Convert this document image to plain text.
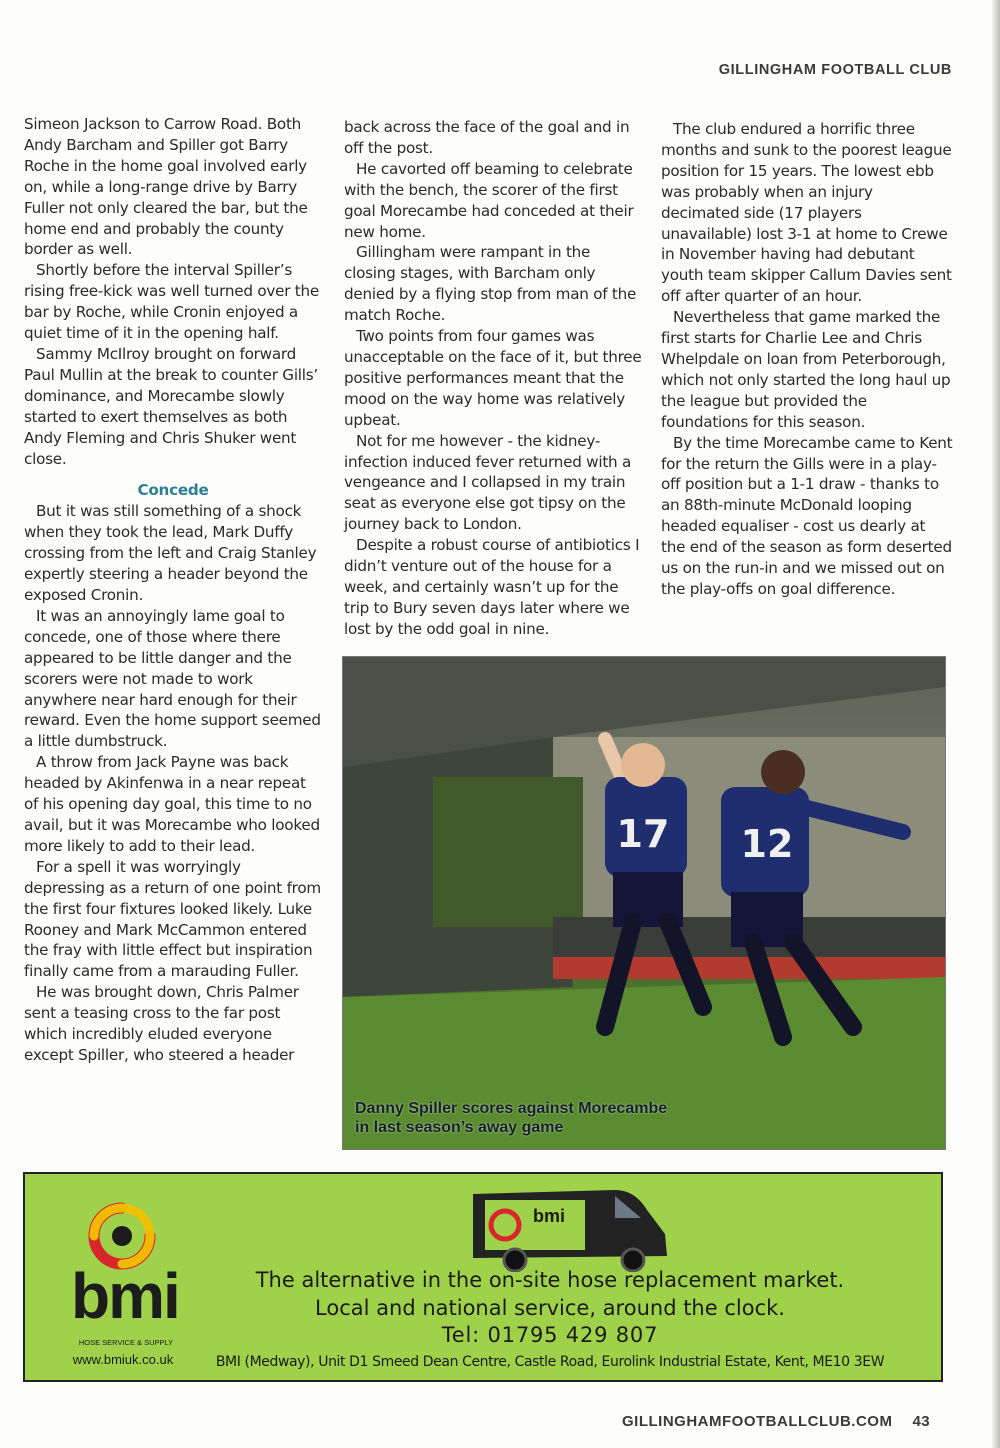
GILLINGHAM FOOTBALL CLUB

Simeon Jackson to Carrow Road. Both Andy Barcham and Spiller got Barry Roche in the home goal involved early on, while a long-range drive by Barry Fuller not only cleared the bar, but the home end and probably the county border as well.

Shortly before the interval Spiller’s rising free-kick was well turned over the bar by Roche, while Cronin enjoyed a quiet time of it in the opening half.

Sammy McIlroy brought on forward Paul Mullin at the break to counter Gills’ dominance, and Morecambe slowly started to exert themselves as both Andy Fleming and Chris Shuker went close.

Concede

But it was still something of a shock when they took the lead, Mark Duffy crossing from the left and Craig Stanley expertly steering a header beyond the exposed Cronin.

It was an annoyingly lame goal to concede, one of those where there appeared to be little danger and the scorers were not made to work anywhere near hard enough for their reward. Even the home support seemed a little dumbstruck.

A throw from Jack Payne was back headed by Akinfenwa in a near repeat of his opening day goal, this time to no avail, but it was Morecambe who looked more likely to add to their lead.

For a spell it was worryingly depressing as a return of one point from the first four fixtures looked likely. Luke Rooney and Mark McCammon entered the fray with little effect but inspiration finally came from a marauding Fuller.

He was brought down, Chris Palmer sent a teasing cross to the far post which incredibly eluded everyone except Spiller, who steered a header

back across the face of the goal and in off the post.

He cavorted off beaming to celebrate with the bench, the scorer of the first goal Morecambe had conceded at their new home.

Gillingham were rampant in the closing stages, with Barcham only denied by a flying stop from man of the match Roche.

Two points from four games was unacceptable on the face of it, but three positive performances meant that the mood on the way home was relatively upbeat.

Not for me however - the kidney-infection induced fever returned with a vengeance and I collapsed in my train seat as everyone else got tipsy on the journey back to London.

Despite a robust course of antibiotics I didn’t venture out of the house for a week, and certainly wasn’t up for the trip to Bury seven days later where we lost by the odd goal in nine.

The club endured a horrific three months and sunk to the poorest league position for 15 years. The lowest ebb was probably when an injury decimated side (17 players unavailable) lost 3-1 at home to Crewe in November having had debutant youth team skipper Callum Davies sent off after quarter of an hour.

Nevertheless that game marked the first starts for Charlie Lee and Chris Whelpdale on loan from Peterborough, which not only started the long haul up the league but provided the foundations for this season.

By the time Morecambe came to Kent for the return the Gills were in a play-off position but a 1-1 draw - thanks to an 88th-minute McDonald looping headed equaliser - cost us dearly at the end of the season as form deserted us on the run-in and we missed out on the play-offs on goal difference.

17 12
Danny Spiller scores against Morecambe
in last season’s away game
bmi
HOSE SERVICE & SUPPLY
www.bmiuk.co.uk
bmi
The alternative in the on-site hose replacement market.
Local and national service, around the clock.
Tel: 01795 429 807
BMI (Medway), Unit D1 Smeed Dean Centre, Castle Road, Eurolink Industrial Estate, Kent, ME10 3EW
GILLINGHAMFOOTBALLCLUB.COM 43
